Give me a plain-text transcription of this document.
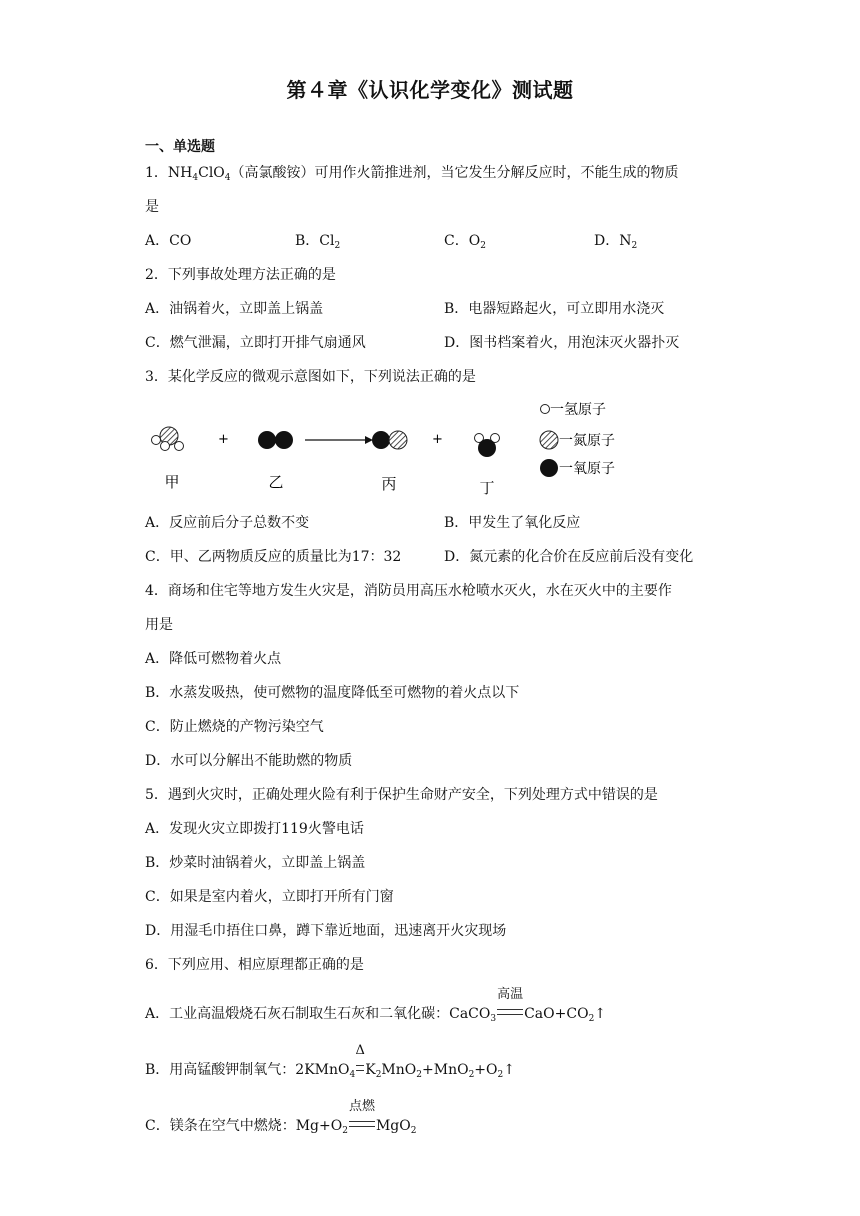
第４章《认识化学变化》测试题
一、单选题
1．$NH_4ClO_4$（高氯酸铵）可用作火箭推进剂，当它发生分解反应时，不能生成的物质
是
A．CO	B．$Cl_2$	C．$O_2$	D．$N_2$
2．下列事故处理方法正确的是
A．油锅着火，立即盖上锅盖	B．电器短路起火，可立即用水浇灭
C．燃气泄漏，立即打开排气扇通风	D．图书档案着火，用泡沫灭火器扑灭
3．某化学反应的微观示意图如下，下列说法正确的是
+	+
甲	乙	丙	丁
一氢原子
一氮原子
一氧原子
A．反应前后分子总数不变	B．甲发生了氧化反应
C．甲、乙两物质反应的质量比为17：32	D．氮元素的化合价在反应前后没有变化
4．商场和住宅等地方发生火灾是，消防员用高压水枪喷水灭火，水在灭火中的主要作
用是
A．降低可燃物着火点
B．水蒸发吸热，使可燃物的温度降低至可燃物的着火点以下
C．防止燃烧的产物污染空气
D．水可以分解出不能助燃的物质
5．遇到火灾时，正确处理火险有利于保护生命财产安全，下列处理方式中错误的是
A．发现火灾立即拨打119火警电话
B．炒菜时油锅着火，立即盖上锅盖
C．如果是室内着火，立即打开所有门窗
D．用湿毛巾捂住口鼻，蹲下靠近地面，迅速离开火灾现场
6．下列应用、相应原理都正确的是
A．工业高温煅烧石灰石制取生石灰和二氧化碳：CaCO$_3$
高温
$CaO+CO_2↑$
B．用高锰酸钾制氧气：2KMnO$_4$
Δ
$K_2MnO_2+MnO_2+O_2↑$
C．镁条在空气中燃烧：$Mg+O_2$
点燃
MgO$_2$
